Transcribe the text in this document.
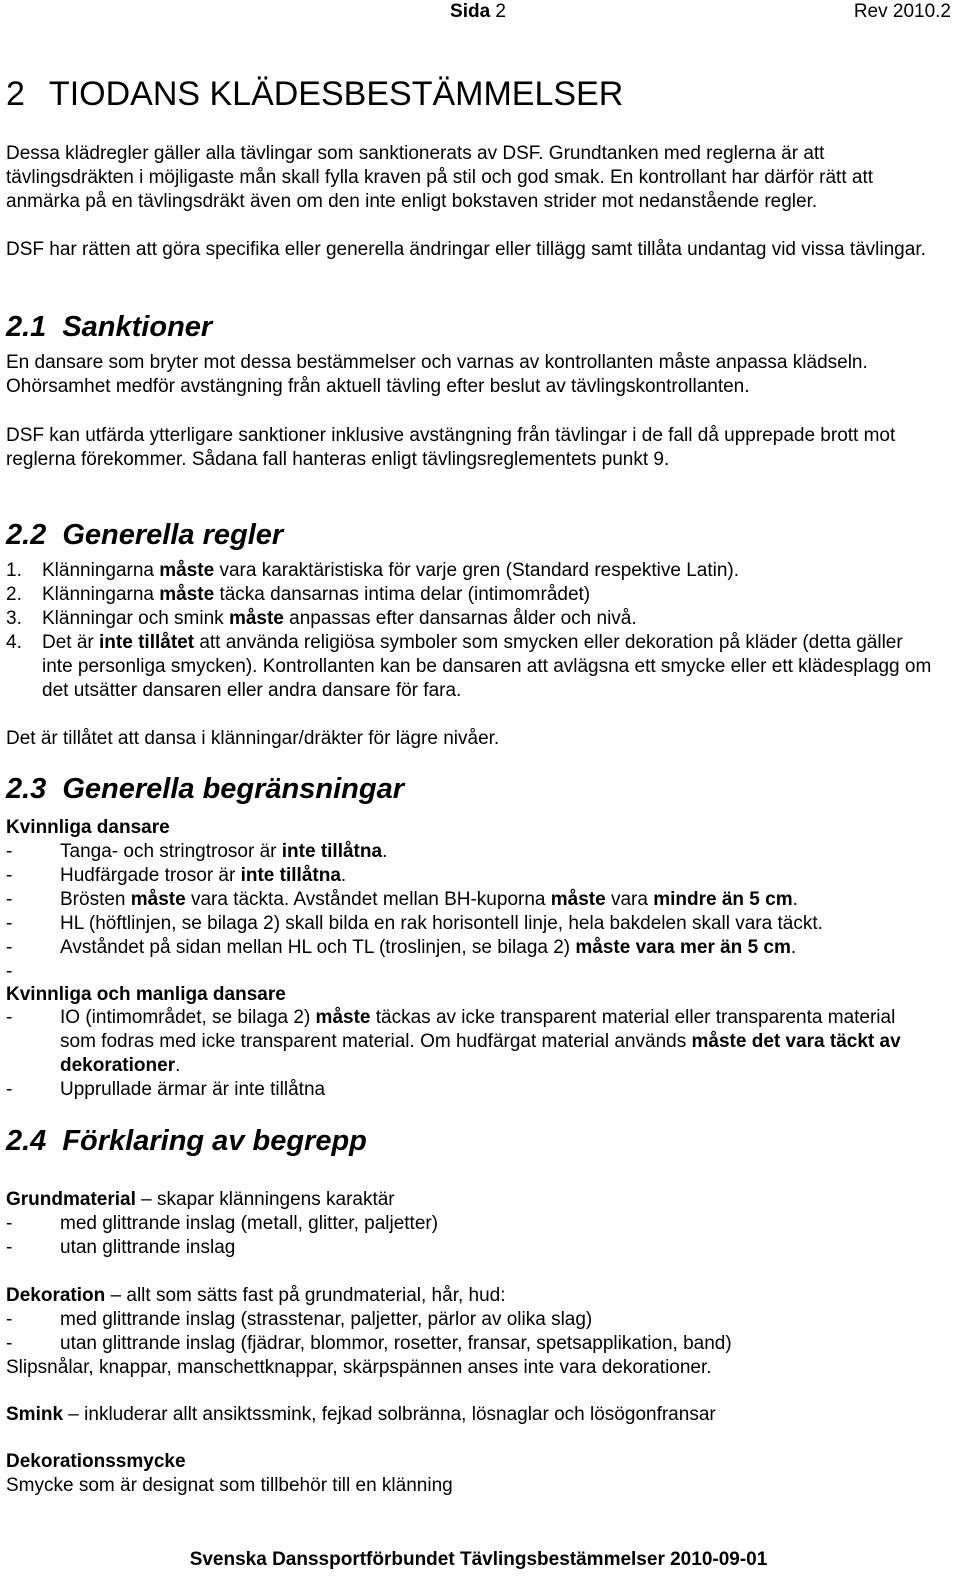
Sida 2	Rev 2010.2
2 TIODANS KLÄDESBESTÄMMELSER

Dessa klädregler gäller alla tävlingar som sanktionerats av DSF. Grundtanken med reglerna är att tävlingsdräkten i möjligaste mån skall fylla kraven på stil och god smak. En kontrollant har därför rätt att anmärka på en tävlingsdräkt även om den inte enligt bokstaven strider mot nedanstående regler.

DSF har rätten att göra specifika eller generella ändringar eller tillägg samt tillåta undantag vid vissa tävlingar.

2.1 Sanktioner

En dansare som bryter mot dessa bestämmelser och varnas av kontrollanten måste anpassa klädseln. Ohörsamhet medför avstängning från aktuell tävling efter beslut av tävlingskontrollanten.

DSF kan utfärda ytterligare sanktioner inklusive avstängning från tävlingar i de fall då upprepade brott mot reglerna förekommer. Sådana fall hanteras enligt tävlingsreglementets punkt 9.

2.2 Generella regler
1. Klänningarna måste vara karaktäristiska för varje gren (Standard respektive Latin).
2. Klänningarna måste täcka dansarnas intima delar (intimområdet)
3. Klänningar och smink måste anpassas efter dansarnas ålder och nivå.
4. Det är inte tillåtet att använda religiösa symboler som smycken eller dekoration på kläder (detta gäller inte personliga smycken). Kontrollanten kan be dansaren att avlägsna ett smycke eller ett klädesplagg om det utsätter dansaren eller andra dansare för fara.

Det är tillåtet att dansa i klänningar/dräkter för lägre nivåer.

2.3 Generella begränsningar

Kvinnliga dansare

-	Tanga- och stringtrosor är inte tillåtna.
-	Hudfärgade trosor är inte tillåtna.
-	Brösten måste vara täckta. Avståndet mellan BH-kuporna måste vara mindre än 5 cm.
-	HL (höftlinjen, se bilaga 2) skall bilda en rak horisontell linje, hela bakdelen skall vara täckt.
-	Avståndet på sidan mellan HL och TL (troslinjen, se bilaga 2) måste vara mer än 5 cm.
-

Kvinnliga och manliga dansare

-	IO (intimområdet, se bilaga 2) måste täckas av icke transparent material eller transparenta material som fodras med icke transparent material. Om hudfärgat material används måste det vara täckt av dekorationer.
-	Upprullade ärmar är inte tillåtna
2.4 Förklaring av begrepp

Grundmaterial – skapar klänningens karaktär

-	med glittrande inslag (metall, glitter, paljetter)
-	utan glittrande inslag

Dekoration – allt som sätts fast på grundmaterial, hår, hud:

-	med glittrande inslag (strasstenar, paljetter, pärlor av olika slag)
-	utan glittrande inslag (fjädrar, blommor, rosetter, fransar, spetsapplikation, band)

Slipsnålar, knappar, manschettknappar, skärpspännen anses inte vara dekorationer.

Smink – inkluderar allt ansiktssmink, fejkad solbränna, lösnaglar och lösögonfransar

Dekorationssmycke

Smycke som är designat som tillbehör till en klänning

Svenska Danssportförbundet Tävlingsbestämmelser 2010-09-01
